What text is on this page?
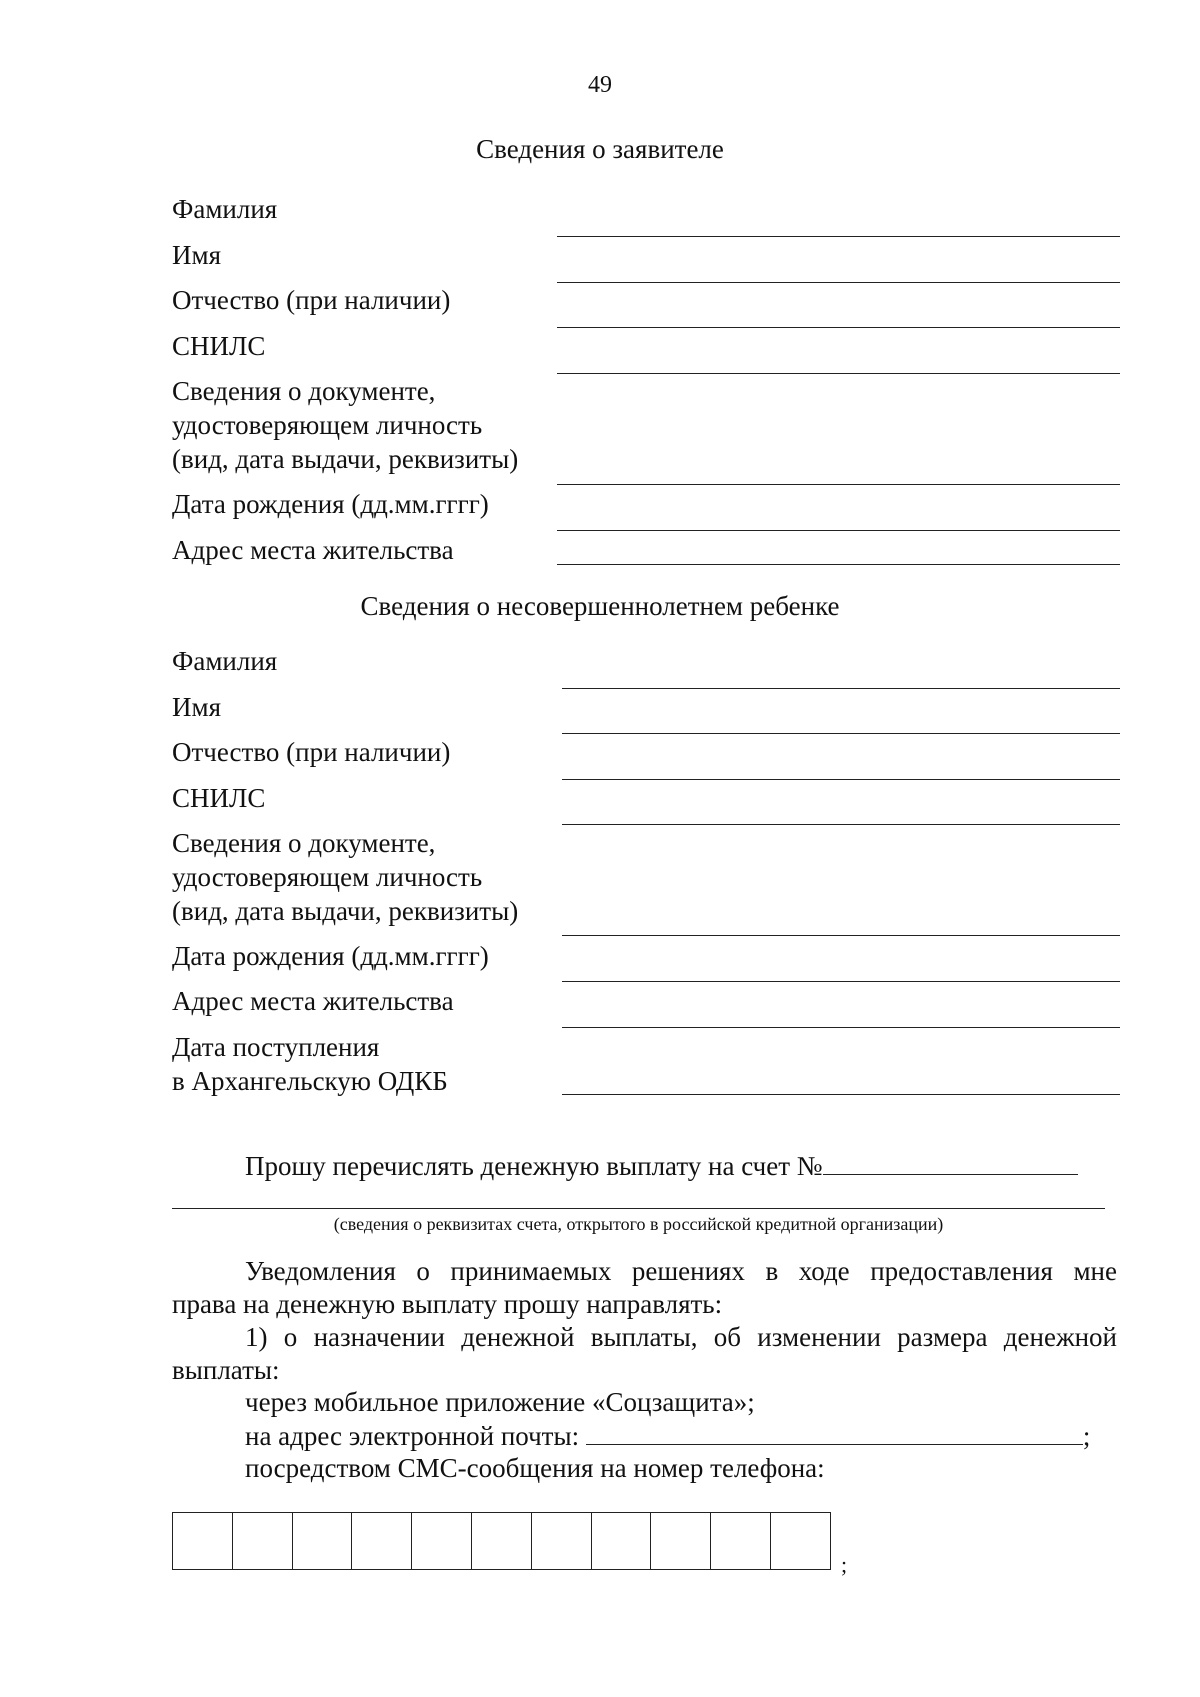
49
Сведения о заявителе
Фамилия
Имя
Отчество (при наличии)
СНИЛС
Сведения о документе,
удостоверяющем личность
(вид, дата выдачи, реквизиты)
Дата рождения (дд.мм.гггг)
Адрес места жительства
Сведения о несовершеннолетнем ребенке
Фамилия
Имя
Отчество (при наличии)
СНИЛС
Сведения о документе,
удостоверяющем личность
(вид, дата выдачи, реквизиты)
Дата рождения (дд.мм.гггг)
Адрес места жительства
Дата поступления
в Архангельскую ОДКБ
Прошу перечислять денежную выплату на счет №
(сведения о реквизитах счета, открытого в российской кредитной организации)
Уведомления о принимаемых решениях в ходе предоставления мне
права на денежную выплату прошу направлять:
1) о назначении денежной выплаты, об изменении размера денежной
выплаты:
через мобильное приложение «Соцзащита»;
на адрес электронной почты:	;
посредством СМС-сообщения на номер телефона:
;
